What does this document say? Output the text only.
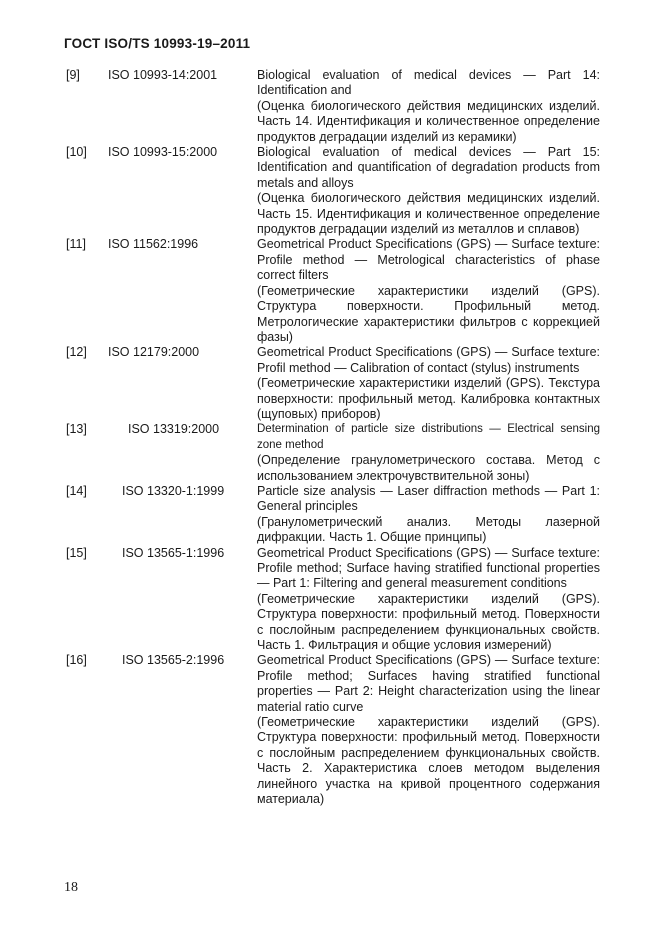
ГОСТ ISO/TS 10993-19–2011
[9]	ISO 10993-14:2001	Biological evaluation of medical devices — Part 14: Identification and

(Оценка биологического действия медицинских изделий. Часть 14. Идентификация и количественное определение продуктов деградации изделий из керамики)

[10]	ISO 10993-15:2000	Biological evaluation of medical devices — Part 15: Identification and quantification of degradation products from metals and alloys

(Оценка биологического действия медицинских изделий. Часть 15. Идентификация и количественное определение продуктов деградации изделий из металлов и сплавов)

[11]	ISO 11562:1996	Geometrical Product Specifications (GPS) — Surface texture: Profile method — Metrological characteristics of phase correct filters

(Геометрические характеристики изделий (GPS). Структура поверхности. Профильный метод. Метрологические характеристики фильтров с коррекцией фазы)

[12]	ISO 12179:2000	Geometrical Product Specifications (GPS) — Surface texture: Profil method — Calibration of contact (stylus) instruments

(Геометрические характеристики изделий (GPS). Текстура поверхности: профильный метод. Калибровка контактных (щуповых) приборов)

[13]	ISO 13319:2000	Determination of particle size distributions — Electrical sensing zone method

(Определение гранулометрического состава. Метод с использованием электрочувствительной зоны)

[14]	ISO 13320-1:1999	Particle size analysis — Laser diffraction methods — Part 1: General principles

(Гранулометрический анализ. Методы лазерной дифракции. Часть 1. Общие принципы)

[15]	ISO 13565-1:1996	Geometrical Product Specifications (GPS) — Surface texture: Profile method; Surface having stratified functional properties — Part 1: Filtering and general measurement conditions

(Геометрические характеристики изделий (GPS). Структура поверхности: профильный метод. Поверхности с послойным распределением функциональных свойств. Часть 1. Фильтрация и общие условия измерений)

[16]	ISO 13565-2:1996	Geometrical Product Specifications (GPS) — Surface texture: Profile method; Surfaces having stratified functional properties — Part 2: Height characterization using the linear material ratio curve

(Геометрические характеристики изделий (GPS). Структура поверхности: профильный метод. Поверхности с послойным распределением функциональных свойств. Часть 2. Характеристика слоев методом выделения линейного участка на кривой процентного содержания материала)

18
